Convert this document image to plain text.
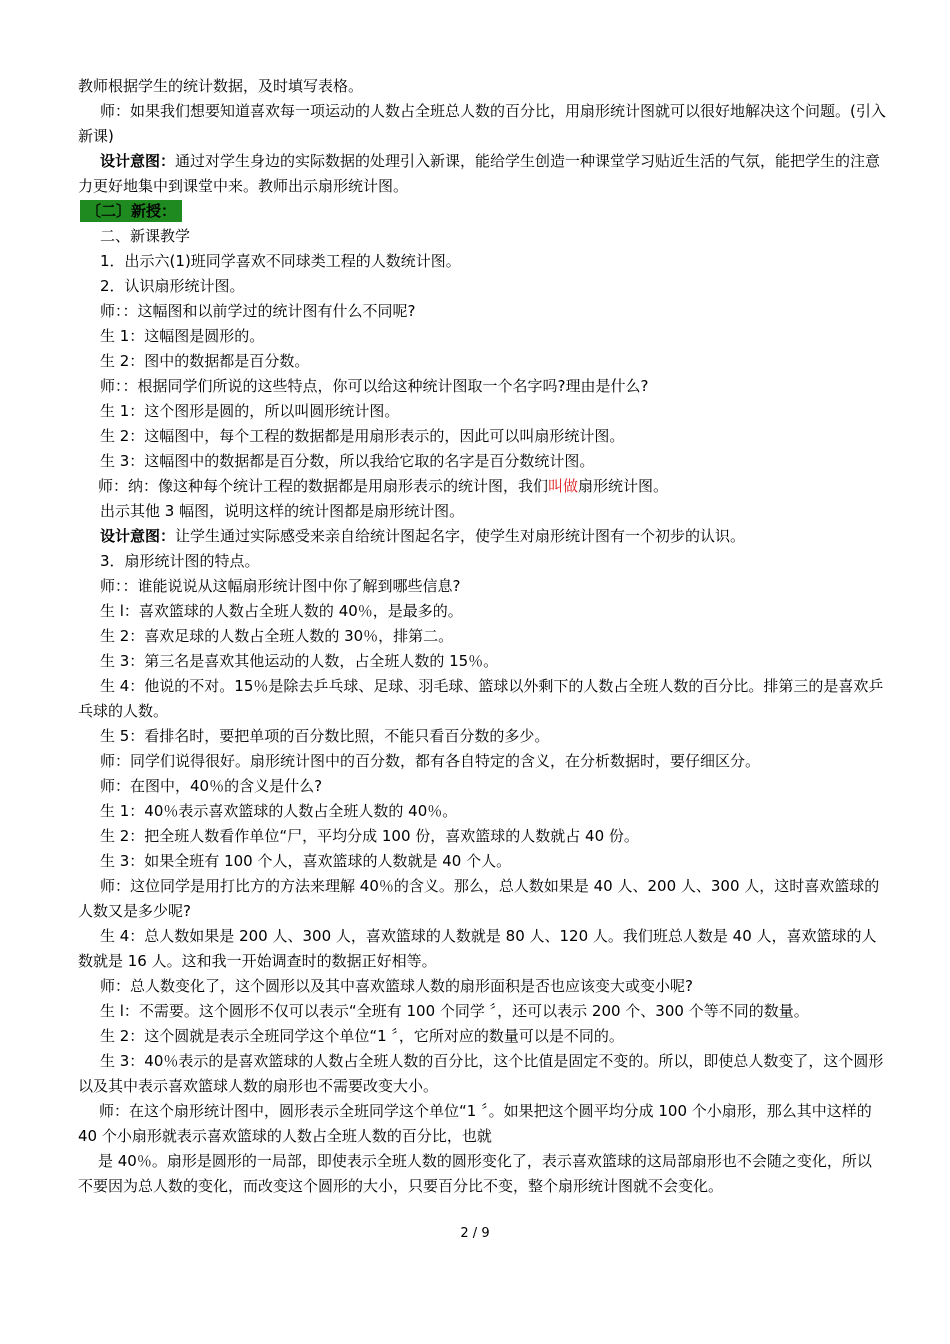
教师根据学生的统计数据，及时填写表格。

师：如果我们想要知道喜欢每一项运动的人数占全班总人数的百分比，用扇形统计图就可以很好地解决这个问题。(引入新课)

设计意图：通过对学生身边的实际数据的处理引入新课，能给学生创造一种课堂学习贴近生活的气氛，能把学生的注意力更好地集中到课堂中来。教师出示扇形统计图。

〔二〕新授：

二、新课教学

1．出示六(1)班同学喜欢不同球类工程的人数统计图。

2．认识扇形统计图。

师：：这幅图和以前学过的统计图有什么不同呢?

生 1：这幅图是圆形的。

生 2：图中的数据都是百分数。

师：：根据同学们所说的这些特点，你可以给这种统计图取一个名字吗?理由是什么?

生 1：这个图形是圆的，所以叫圆形统计图。

生 2：这幅图中，每个工程的数据都是用扇形表示的，因此可以叫扇形统计图。

生 3：这幅图中的数据都是百分数，所以我给它取的名字是百分数统计图。

师：纳：像这种每个统计工程的数据都是用扇形表示的统计图，我们叫做扇形统计图。

出示其他 3 幅图，说明这样的统计图都是扇形统计图。

设计意图：让学生通过实际感受来亲自给统计图起名字，使学生对扇形统计图有一个初步的认识。

3．扇形统计图的特点。

师：：谁能说说从这幅扇形统计图中你了解到哪些信息?

生 l：喜欢篮球的人数占全班人数的 40％，是最多的。

生 2：喜欢足球的人数占全班人数的 30％，排第二。

生 3：第三名是喜欢其他运动的人数，占全班人数的 15％。

生 4：他说的不对。15％是除去乒乓球、足球、羽毛球、篮球以外剩下的人数占全班人数的百分比。排第三的是喜欢乒乓球的人数。

生 5：看排名时，要把单项的百分数比照，不能只看百分数的多少。

师：同学们说得很好。扇形统计图中的百分数，都有各自特定的含义，在分析数据时，要仔细区分。

师：在图中，40％的含义是什么?

生 1：40％表示喜欢篮球的人数占全班人数的 40％。

生 2：把全班人数看作单位“尸，平均分成 100 份，喜欢篮球的人数就占 40 份。

生 3：如果全班有 100 个人，喜欢篮球的人数就是 40 个人。

师：这位同学是用打比方的方法来理解 40％的含义。那么，总人数如果是 40 人、200 人、300 人，这时喜欢篮球的人数又是多少呢?

生 4：总人数如果是 200 人、300 人，喜欢篮球的人数就是 80 人、120 人。我们班总人数是 40 人，喜欢篮球的人数就是 16 人。这和我一开始调查时的数据正好相等。

师：总人数变化了，这个圆形以及其中喜欢篮球人数的扇形面积是否也应该变大或变小呢?

生 l：不需要。这个圆形不仅可以表示“全班有 100 个同学 〞，还可以表示 200 个、300 个等不同的数量。

生 2：这个圆就是表示全班同学这个单位“1 〞，它所对应的数量可以是不同的。

生 3：40％表示的是喜欢篮球的人数占全班人数的百分比，这个比值是固定不变的。所以，即使总人数变了，这个圆形以及其中表示喜欢篮球人数的扇形也不需要改变大小。

师：在这个扇形统计图中，圆形表示全班同学这个单位“1 〞。如果把这个圆平均分成 100 个小扇形，那么其中这样的 40 个小扇形就表示喜欢篮球的人数占全班人数的百分比，也就

是 40％。扇形是圆形的一局部，即使表示全班人数的圆形变化了，表示喜欢篮球的这局部扇形也不会随之变化，所以不要因为总人数的变化，而改变这个圆形的大小，只要百分比不变，整个扇形统计图就不会变化。

2 / 9
